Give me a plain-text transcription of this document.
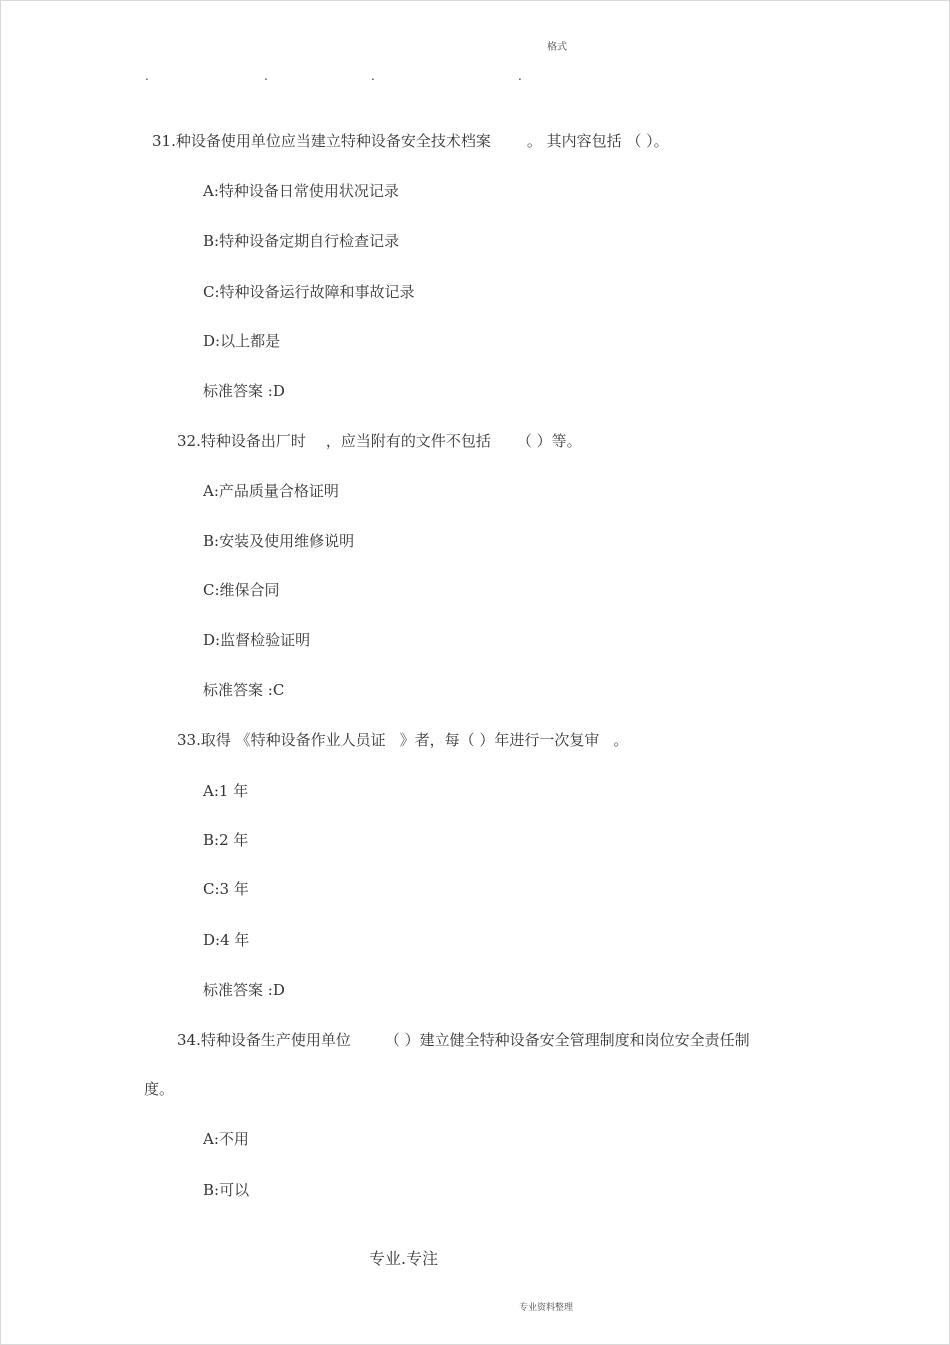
格式
.	.	.	.
31.种设备使用单位应当建立特种设备安全技术档案 。 其内容包括 （ ）。
A:特种设备日常使用状况记录
B:特种设备定期自行检查记录
C:特种设备运行故障和事故记录
D:以上都是
标准答案 :D
32.特种设备出厂时 ，应当附有的文件不包括 （ ）等。
A:产品质量合格证明
B:安装及使用维修说明
C:维保合同
D:监督检验证明
标准答案 :C
33.取得 《特种设备作业人员证 》者，每（ ）年进行一次复审 。
A:1 年
B:2 年
C:3 年
D:4 年
标准答案 :D
34.特种设备生产使用单位 （ ）建立健全特种设备安全管理制度和岗位安全责任制
度。
A:不用
B:可以
专业.专注
专业资料整理
